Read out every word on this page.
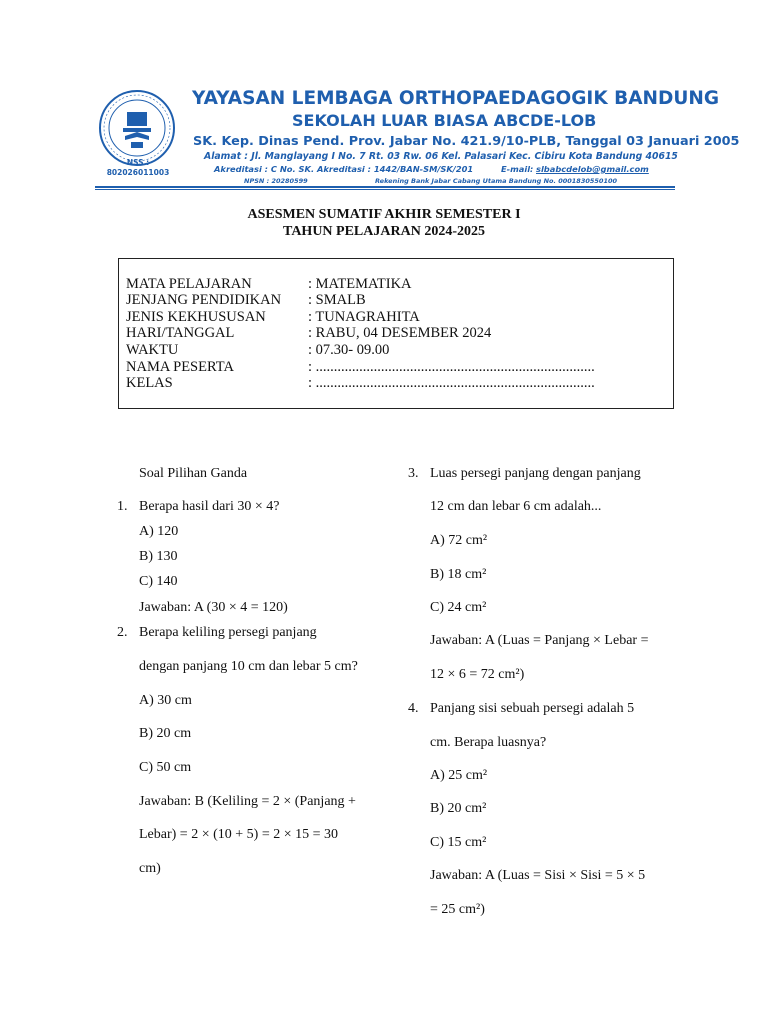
NSS :
802026011003
YAYASAN LEMBAGA ORTHOPAEDAGOGIK BANDUNG
SEKOLAH LUAR BIASA ABCDE-LOB
SK. Kep. Dinas Pend. Prov. Jabar No. 421.9/10-PLB, Tanggal 03 Januari 2005
Alamat : Jl. Manglayang I No. 7 Rt. 03 Rw. 06 Kel. Palasari Kec. Cibiru Kota Bandung 40615
Akreditasi : C No. SK. Akreditasi : 1442/BAN-SM/SK/201	E-mail: slbabcdelob@gmail.com
NPSN : 20280599	Rekening Bank Jabar Cabang Utama Bandung No. 0001830550100
ASESMEN SUMATIF AKHIR SEMESTER I
TAHUN PELAJARAN 2024-2025
MATA PELAJARAN	: MATEMATIKA
JENJANG PENDIDIKAN : SMALB
JENIS KEKHUSUSAN	: TUNAGRAHITA
HARI/TANGGAL	: RABU, 04 DESEMBER 2024
WAKTU	: 07.30- 09.00
NAMA PESERTA	: .............................................................................
KELAS	: .............................................................................
Soal Pilihan Ganda
1. Berapa hasil dari 30 × 4?
A) 120
B) 130
C) 140
Jawaban: A (30 × 4 = 120)
2. Berapa keliling persegi panjang
dengan panjang 10 cm dan lebar 5 cm?
A) 30 cm
B) 20 cm
C) 50 cm
Jawaban: B (Keliling = 2 × (Panjang +
Lebar) = 2 × (10 + 5) = 2 × 15 = 30
cm)
3. Luas persegi panjang dengan panjang
12 cm dan lebar 6 cm adalah...
A) 72 cm²
B) 18 cm²
C) 24 cm²
Jawaban: A (Luas = Panjang × Lebar =
12 × 6 = 72 cm²)
4. Panjang sisi sebuah persegi adalah 5
cm. Berapa luasnya?
A) 25 cm²
B) 20 cm²
C) 15 cm²
Jawaban: A (Luas = Sisi × Sisi = 5 × 5
= 25 cm²)
